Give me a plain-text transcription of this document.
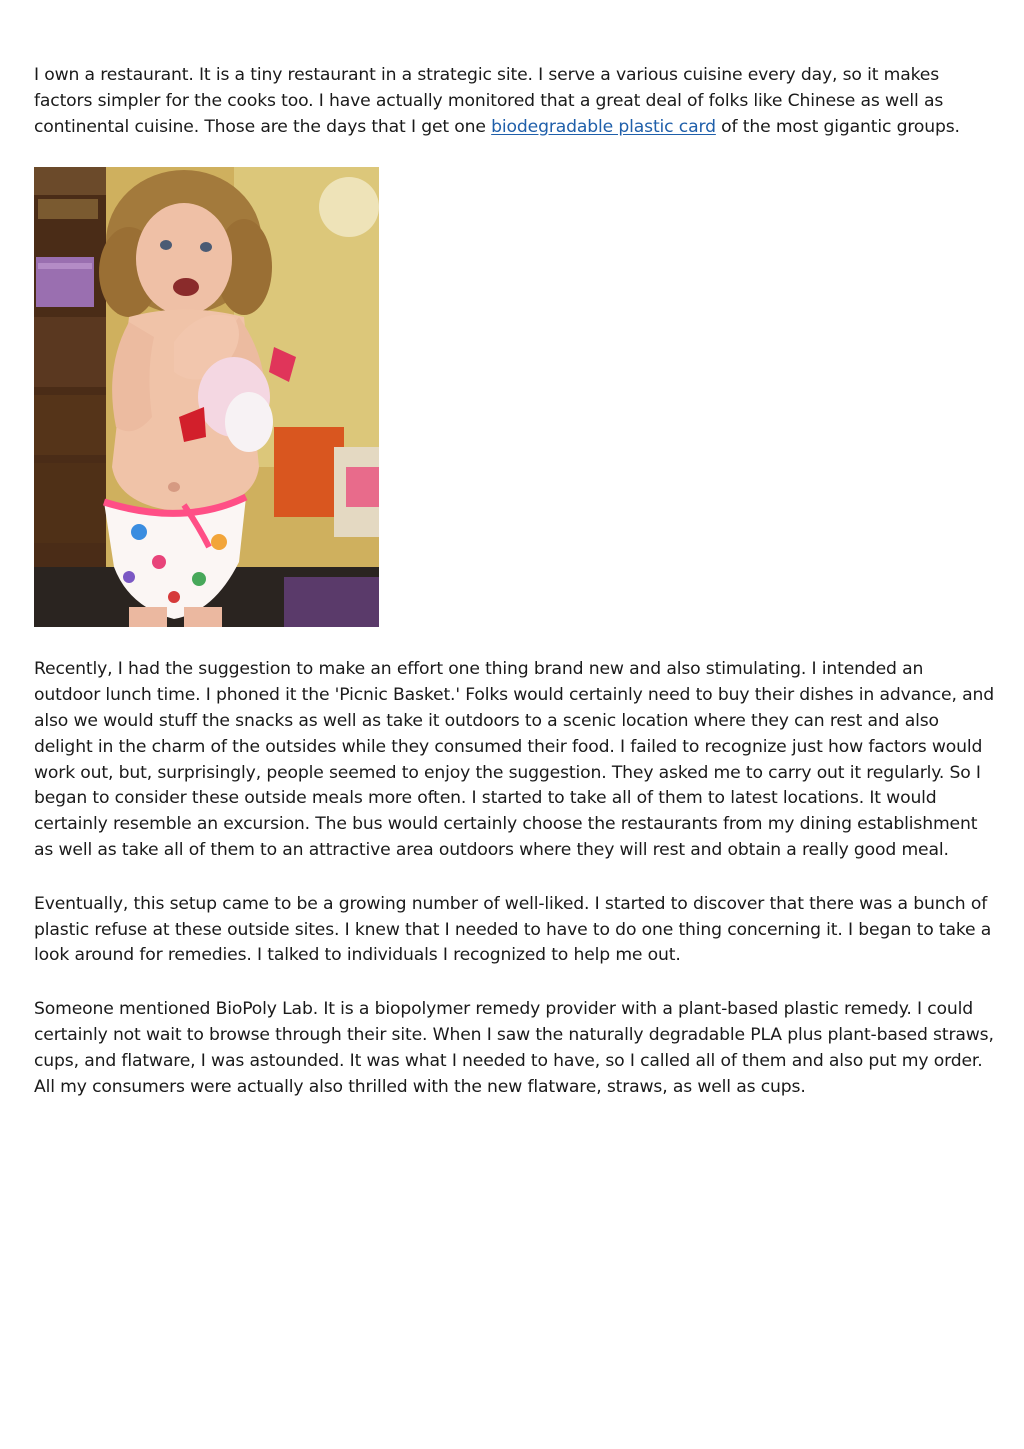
I own a restaurant. It is a tiny restaurant in a strategic site. I serve a various cuisine every day, so it makes factors simpler for the cooks too. I have actually monitored that a great deal of folks like Chinese as well as continental cuisine. Those are the days that I get one biodegradable plastic card of the most gigantic groups.

Recently, I had the suggestion to make an effort one thing brand new and also stimulating. I intended an outdoor lunch time. I phoned it the 'Picnic Basket.' Folks would certainly need to buy their dishes in advance, and also we would stuff the snacks as well as take it outdoors to a scenic location where they can rest and also delight in the charm of the outsides while they consumed their food. I failed to recognize just how factors would work out, but, surprisingly, people seemed to enjoy the suggestion. They asked me to carry out it regularly. So I began to consider these outside meals more often. I started to take all of them to latest locations. It would certainly resemble an excursion. The bus would certainly choose the restaurants from my dining establishment as well as take all of them to an attractive area outdoors where they will rest and obtain a really good meal.

Eventually, this setup came to be a growing number of well-liked. I started to discover that there was a bunch of plastic refuse at these outside sites. I knew that I needed to have to do one thing concerning it. I began to take a look around for remedies. I talked to individuals I recognized to help me out.

Someone mentioned BioPoly Lab. It is a biopolymer remedy provider with a plant-based plastic remedy. I could certainly not wait to browse through their site. When I saw the naturally degradable PLA plus plant-based straws, cups, and flatware, I was astounded. It was what I needed to have, so I called all of them and also put my order. All my consumers were actually also thrilled with the new flatware, straws, as well as cups.
